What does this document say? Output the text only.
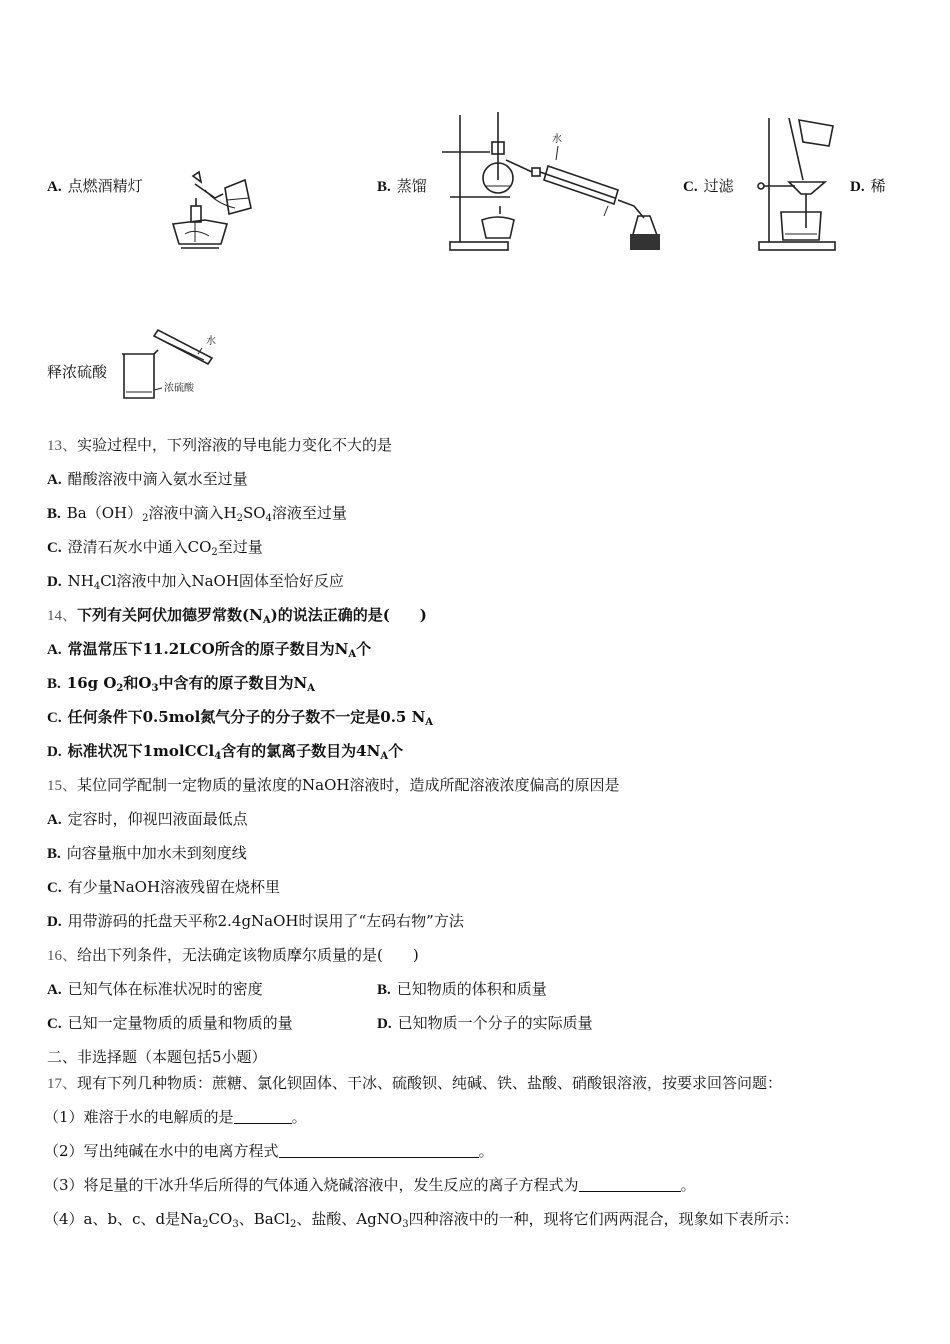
A. 点燃酒精灯	B. 蒸馏
水
C. 过滤	D. 稀
释浓硫酸
水
浓硫酸
13、实验过程中，下列溶液的导电能力变化不大的是
A. 醋酸溶液中滴入氨水至过量
B. $Ba(OH)_2$溶液中滴入$H_2SO_4$溶液至过量
C. 澄清石灰水中通入$CO_2$至过量
D. $NH_4Cl$溶液中加入NaOH固体至恰好反应
14、下列有关阿伏加德罗常数$(N_A)$的说法正确的是(　　)
A. 常温常压下11.2LCO所含的原子数目为$N_A$个
B. 16g $O_2$和$O_3$中含有的原子数目为$N_A$
C. 任何条件下0.5mol氮气分子的分子数不一定是0.5 $N_A$
D. 标准状况下1molCCl$_4$含有的氯离子数目为$4N_A$个
15、某位同学配制一定物质的量浓度的NaOH溶液时，造成所配溶液浓度偏高的原因是
A. 定容时，仰视凹液面最低点
B. 向容量瓶中加水未到刻度线
C. 有少量NaOH溶液残留在烧杯里
D. 用带游码的托盘天平称2.4gNaOH时误用了“左码右物”方法
16、给出下列条件，无法确定该物质摩尔质量的是(　　)
A. 已知气体在标准状况时的密度	B. 已知物质的体积和质量
C. 已知一定量物质的质量和物质的量	D. 已知物质一个分子的实际质量
二、非选择题（本题包括5小题）
17、现有下列几种物质：蔗糖、氯化钡固体、干冰、硫酸钡、纯碱、铁、盐酸、硝酸银溶液，按要求回答问题：
（1）难溶于水的电解质的是	。
（2）写出纯碱在水中的电离方程式	。
（3）将足量的干冰升华后所得的气体通入烧碱溶液中，发生反应的离子方程式为	。
（4）a、b、c、d是$Na_2CO_3$、BaCl$_2$、盐酸、AgNO$_3$四种溶液中的一种，现将它们两两混合，现象如下表所示：
